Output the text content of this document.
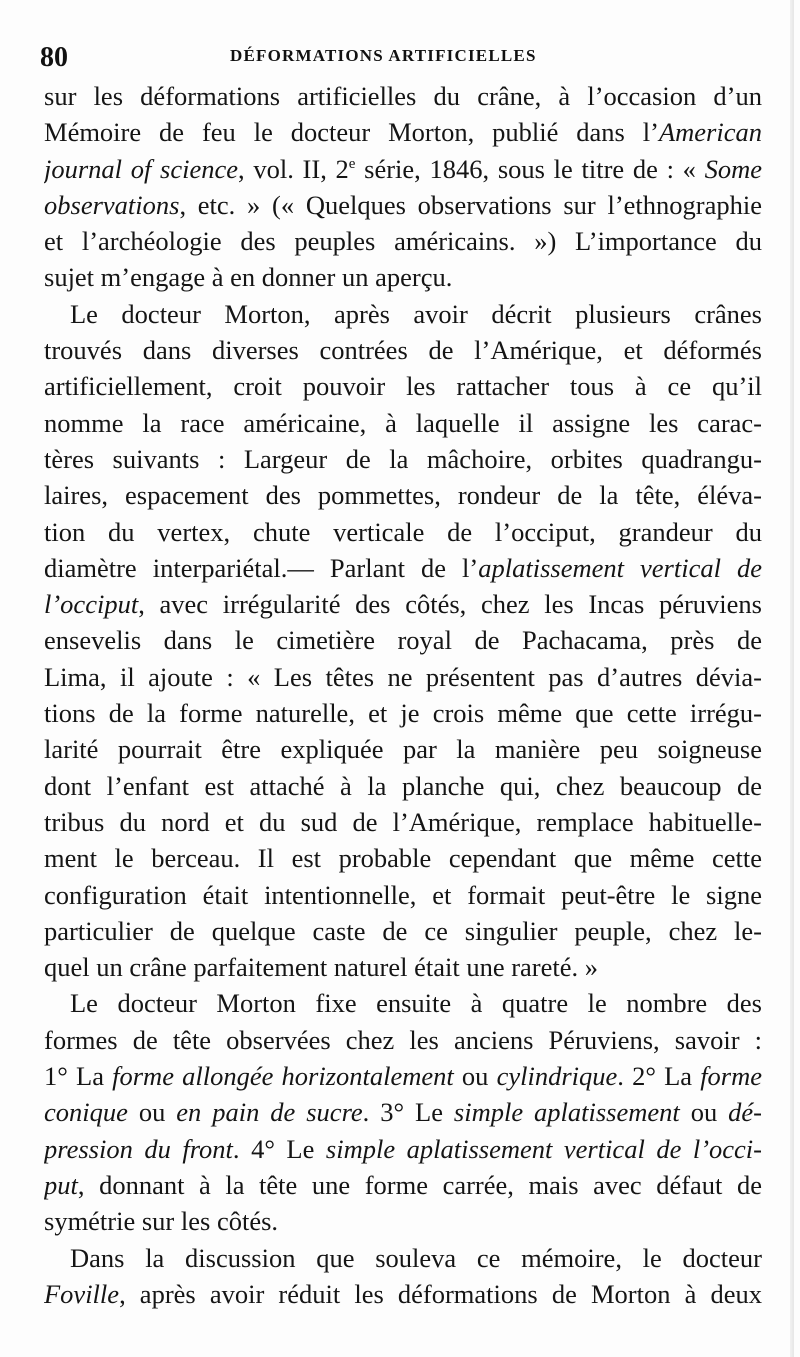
80	DÉFORMATIONS ARTIFICIELLES
sur les déformations artificielles du crâne, à l’occasion d’un
Mémoire de feu le docteur Morton, publié dans l’American
journal of science, vol. II, 2e série, 1846, sous le titre de : « Some
observations, etc. » (« Quelques observations sur l’ethnographie
et l’archéologie des peuples américains. ») L’importance du
sujet m’engage à en donner un aperçu.
Le docteur Morton, après avoir décrit plusieurs crânes
trouvés dans diverses contrées de l’Amérique, et déformés
artificiellement, croit pouvoir les rattacher tous à ce qu’il
nomme la race américaine, à laquelle il assigne les carac-
tères suivants : Largeur de la mâchoire, orbites quadrangu-
laires, espacement des pommettes, rondeur de la tête, éléva-
tion du vertex, chute verticale de l’occiput, grandeur du
diamètre interpariétal.— Parlant de l’aplatissement vertical de
l’occiput, avec irrégularité des côtés, chez les Incas péruviens
ensevelis dans le cimetière royal de Pachacama, près de
Lima, il ajoute : « Les têtes ne présentent pas d’autres dévia-
tions de la forme naturelle, et je crois même que cette irrégu-
larité pourrait être expliquée par la manière peu soigneuse
dont l’enfant est attaché à la planche qui, chez beaucoup de
tribus du nord et du sud de l’Amérique, remplace habituelle-
ment le berceau. Il est probable cependant que même cette
configuration était intentionnelle, et formait peut-être le signe
particulier de quelque caste de ce singulier peuple, chez le-
quel un crâne parfaitement naturel était une rareté. »
Le docteur Morton fixe ensuite à quatre le nombre des
formes de tête observées chez les anciens Péruviens, savoir :
1° La forme allongée horizontalement ou cylindrique. 2° La forme
conique ou en pain de sucre. 3° Le simple aplatissement ou dé-
pression du front. 4° Le simple aplatissement vertical de l’occi-
put, donnant à la tête une forme carrée, mais avec défaut de
symétrie sur les côtés.
Dans la discussion que souleva ce mémoire, le docteur
Foville, après avoir réduit les déformations de Morton à deux
